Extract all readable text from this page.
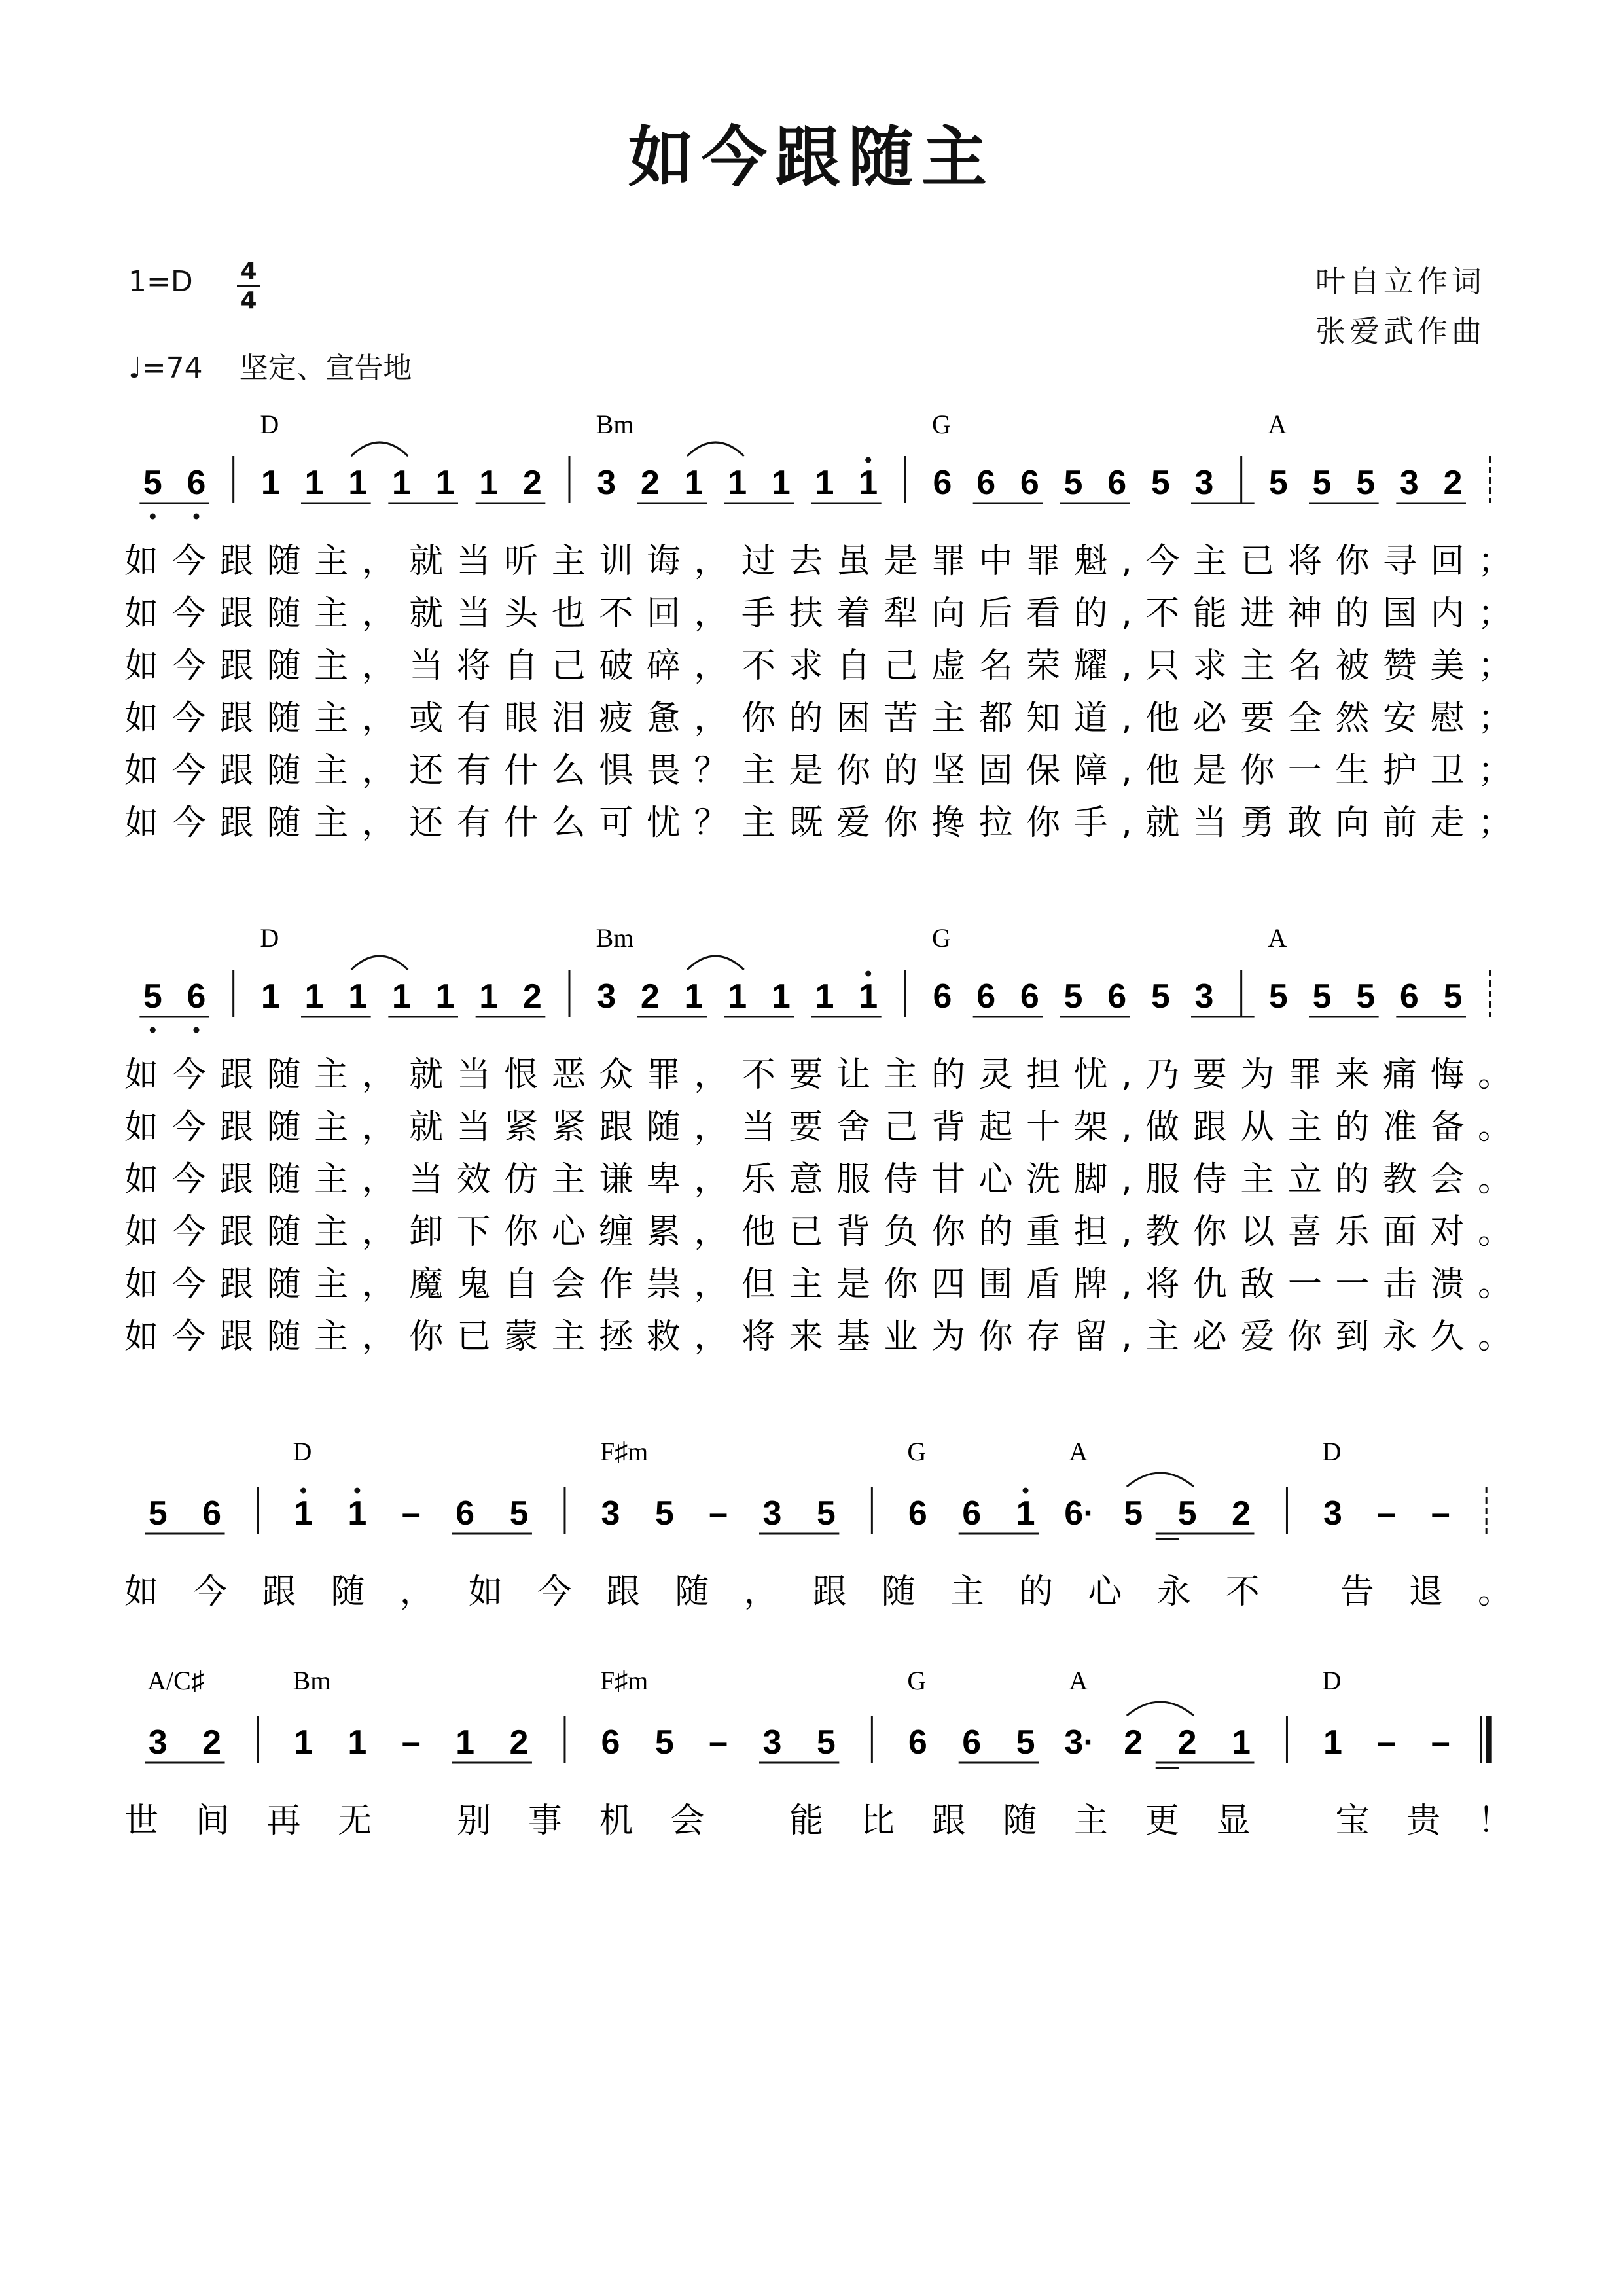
如今跟随主
1=D 4
4
♩=74 坚定、宣告地
叶自立作词
张爱武作曲
5 6 1 1 1 1 1 1 2 3 2 1 1 1 1 1 6 6 6 5 6 5 3 5 5 5 3 2
D	Bm	G	A
如今跟随主，就当听主训诲，过去虽是罪中罪魁,今主已将你寻回；
如今跟随主，就当头也不回，手扶着犁向后看的,不能进神的国内；
如今跟随主，当将自己破碎，不求自己虚名荣耀,只求主名被赞美；
如今跟随主，或有眼泪疲惫，你的困苦主都知道,他必要全然安慰；
如今跟随主，还有什么惧畏？主是你的坚固保障,他是你一生护卫；
如今跟随主，还有什么可忧？主既爱你搀拉你手,就当勇敢向前走；
5 6 1 1 1 1 1 1 2 3 2 1 1 1 1 1 6 6 6 5 6 5 3 5 5 5 6 5
D	Bm	G	A
如今跟随主，就当恨恶众罪，不要让主的灵担忧,乃要为罪来痛悔。
如今跟随主，就当紧紧跟随，当要舍己背起十架,做跟从主的准备。
如今跟随主，当效仿主谦卑，乐意服侍甘心洗脚,服侍主立的教会。
如今跟随主，卸下你心缠累，他已背负你的重担,教你以喜乐面对。
如今跟随主，魔鬼自会作祟，但主是你四围盾牌,将仇敌一一击溃。
如今跟随主，你已蒙主拯救，将来基业为你存留,主必爱你到永久。
5 6 1 1 – 6 5 3 5 – 3 5 6 6 1 6· 5 5 2 3 – –
D	F♯m	G	A	D
如今跟随，如今跟随，跟随主的心永不 告退。
3 2 1 1 – 1 2 6 5 – 3 5 6 6 5 3· 2 2 1 1 – –
A/C♯	Bm	F♯m	G	A	D
世间再无 别事机会 能比跟随主更显 宝贵！
